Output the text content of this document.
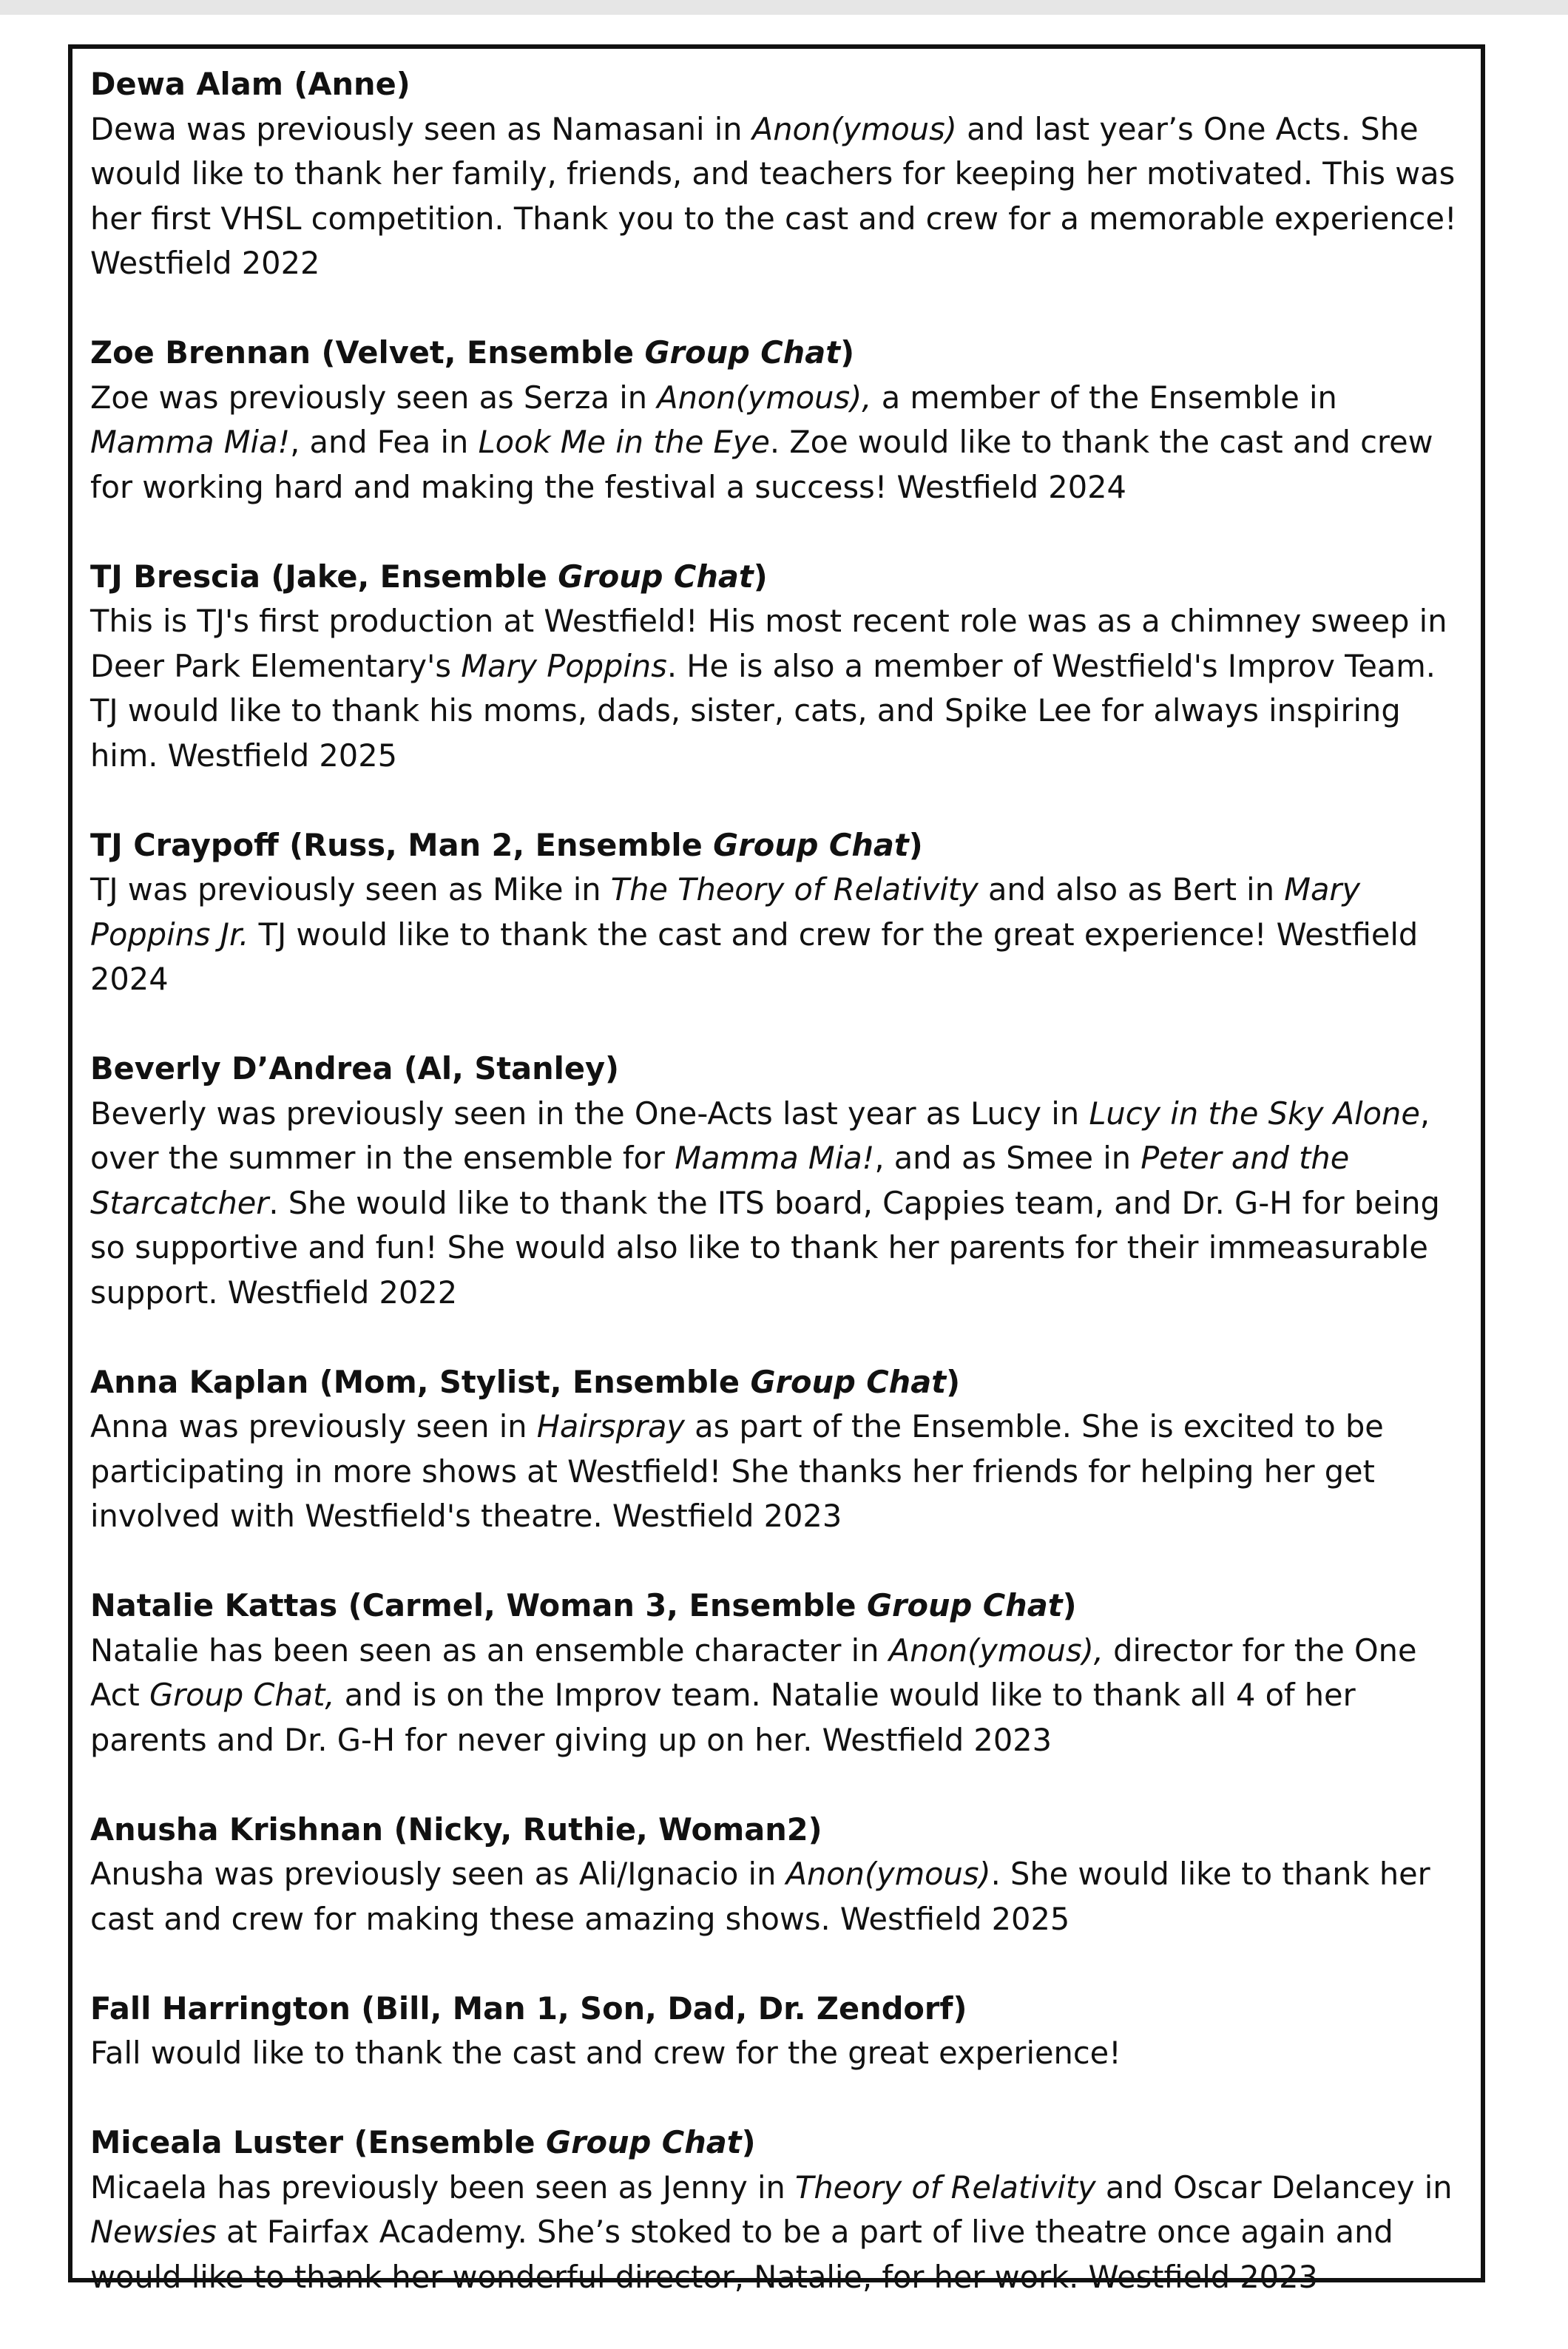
Dewa Alam (Anne)
Dewa was previously seen as Namasani in Anon(ymous) and last year’s One Acts. She would like to thank her family, friends, and teachers for keeping her motivated. This was her first VHSL competition. Thank you to the cast and crew for a memorable experience! Westfield 2022
Zoe Brennan (Velvet, Ensemble Group Chat)
Zoe was previously seen as Serza in Anon(ymous), a member of the Ensemble in Mamma Mia!, and Fea in Look Me in the Eye. Zoe would like to thank the cast and crew for working hard and making the festival a success! Westfield 2024
TJ Brescia (Jake, Ensemble Group Chat)
This is TJ's first production at Westfield! His most recent role was as a chimney sweep in Deer Park Elementary's Mary Poppins. He is also a member of Westfield's Improv Team. TJ would like to thank his moms, dads, sister, cats, and Spike Lee for always inspiring him. Westfield 2025
TJ Craypoff (Russ, Man 2, Ensemble Group Chat)
TJ was previously seen as Mike in The Theory of Relativity and also as Bert in Mary Poppins Jr. TJ would like to thank the cast and crew for the great experience! Westfield 2024
Beverly D’Andrea (Al, Stanley)
Beverly was previously seen in the One-Acts last year as Lucy in Lucy in the Sky Alone, over the summer in the ensemble for Mamma Mia!, and as Smee in Peter and the Starcatcher. She would like to thank the ITS board, Cappies team, and Dr. G-H for being so supportive and fun! She would also like to thank her parents for their immeasurable support. Westfield 2022
Anna Kaplan (Mom, Stylist, Ensemble Group Chat)
Anna was previously seen in Hairspray as part of the Ensemble. She is excited to be participating in more shows at Westfield! She thanks her friends for helping her get involved with Westfield's theatre. Westfield 2023
Natalie Kattas (Carmel, Woman 3, Ensemble Group Chat)
Natalie has been seen as an ensemble character in Anon(ymous), director for the One Act Group Chat, and is on the Improv team. Natalie would like to thank all 4 of her parents and Dr. G-H for never giving up on her. Westfield 2023
Anusha Krishnan (Nicky, Ruthie, Woman2)
Anusha was previously seen as Ali/Ignacio in Anon(ymous). She would like to thank her cast and crew for making these amazing shows. Westfield 2025
Fall Harrington (Bill, Man 1, Son, Dad, Dr. Zendorf)
Fall would like to thank the cast and crew for the great experience!
Miceala Luster (Ensemble Group Chat)
Micaela has previously been seen as Jenny in Theory of Relativity and Oscar Delancey in Newsies at Fairfax Academy. She’s stoked to be a part of live theatre once again and would like to thank her wonderful director, Natalie, for her work. Westfield 2023
